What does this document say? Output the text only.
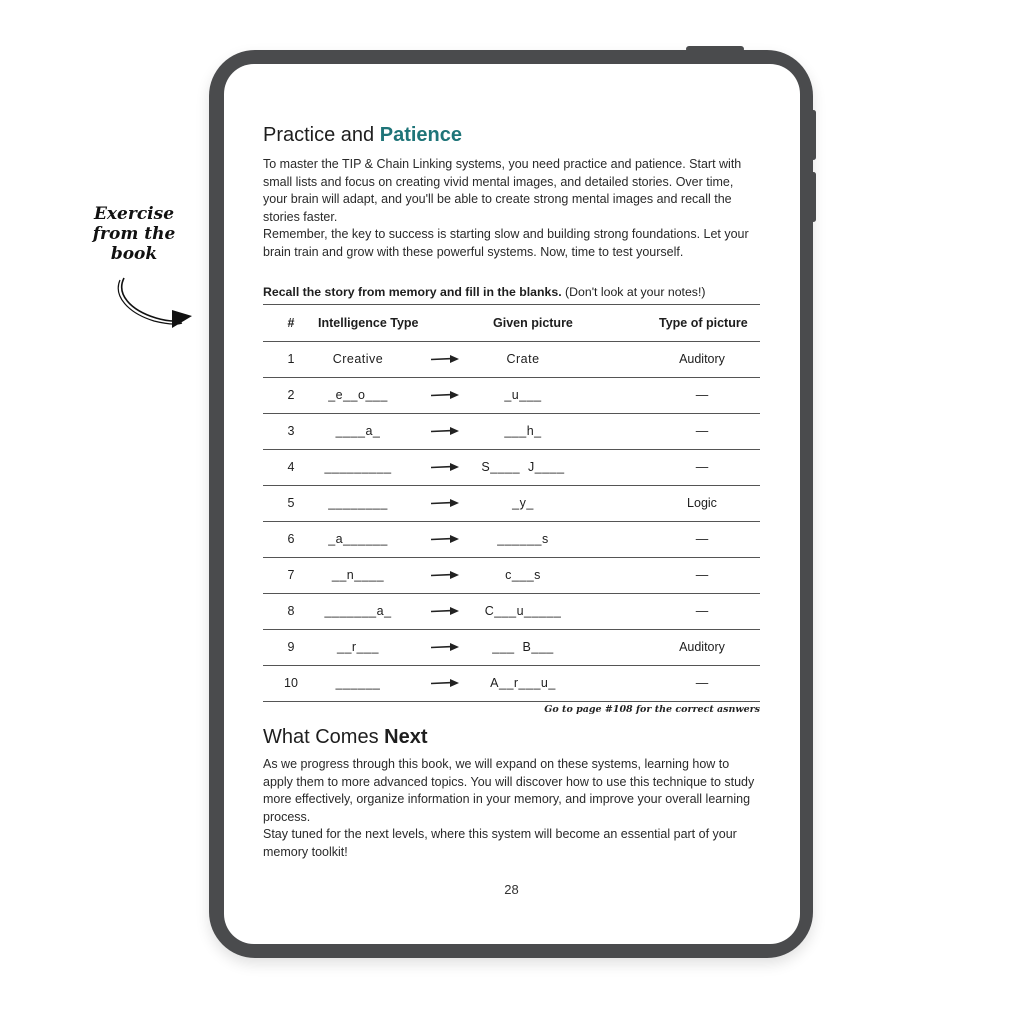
Exercise
from the
book
Practice and Patience

To master the TIP & Chain Linking systems, you need practice and patience. Start with small lists and focus on creating vivid mental images, and detailed stories. Over time, your brain will adapt, and you'll be able to create strong mental images and recall the stories faster.
Remember, the key to success is starting slow and building strong foundations. Let your brain train and grow with these powerful systems. Now, time to test yourself.

Recall the story from memory and fill in the blanks. (Don't look at your notes!)
#	Intelligence Type	Given picture	Type of picture
1	Creative	Crate	Auditory
2	_e__o___	_u___	—
3	____a_	___h_	—
4	_________	S____  J____	—
5	________	_y_	Logic
6	_a______	______s	—
7	__n____	c___s	—
8	_______a_	C___u_____	—
9	__r___	___  B___	Auditory
10	______	A__r___u_	—
Go to page #108 for the correct asnwers
What Comes Next

As we progress through this book, we will expand on these systems, learning how to apply them to more advanced topics. You will discover how to use this technique to study more effectively, organize information in your memory, and improve your overall learning process.
Stay tuned for the next levels, where this system will become an essential part of your memory toolkit!

28
